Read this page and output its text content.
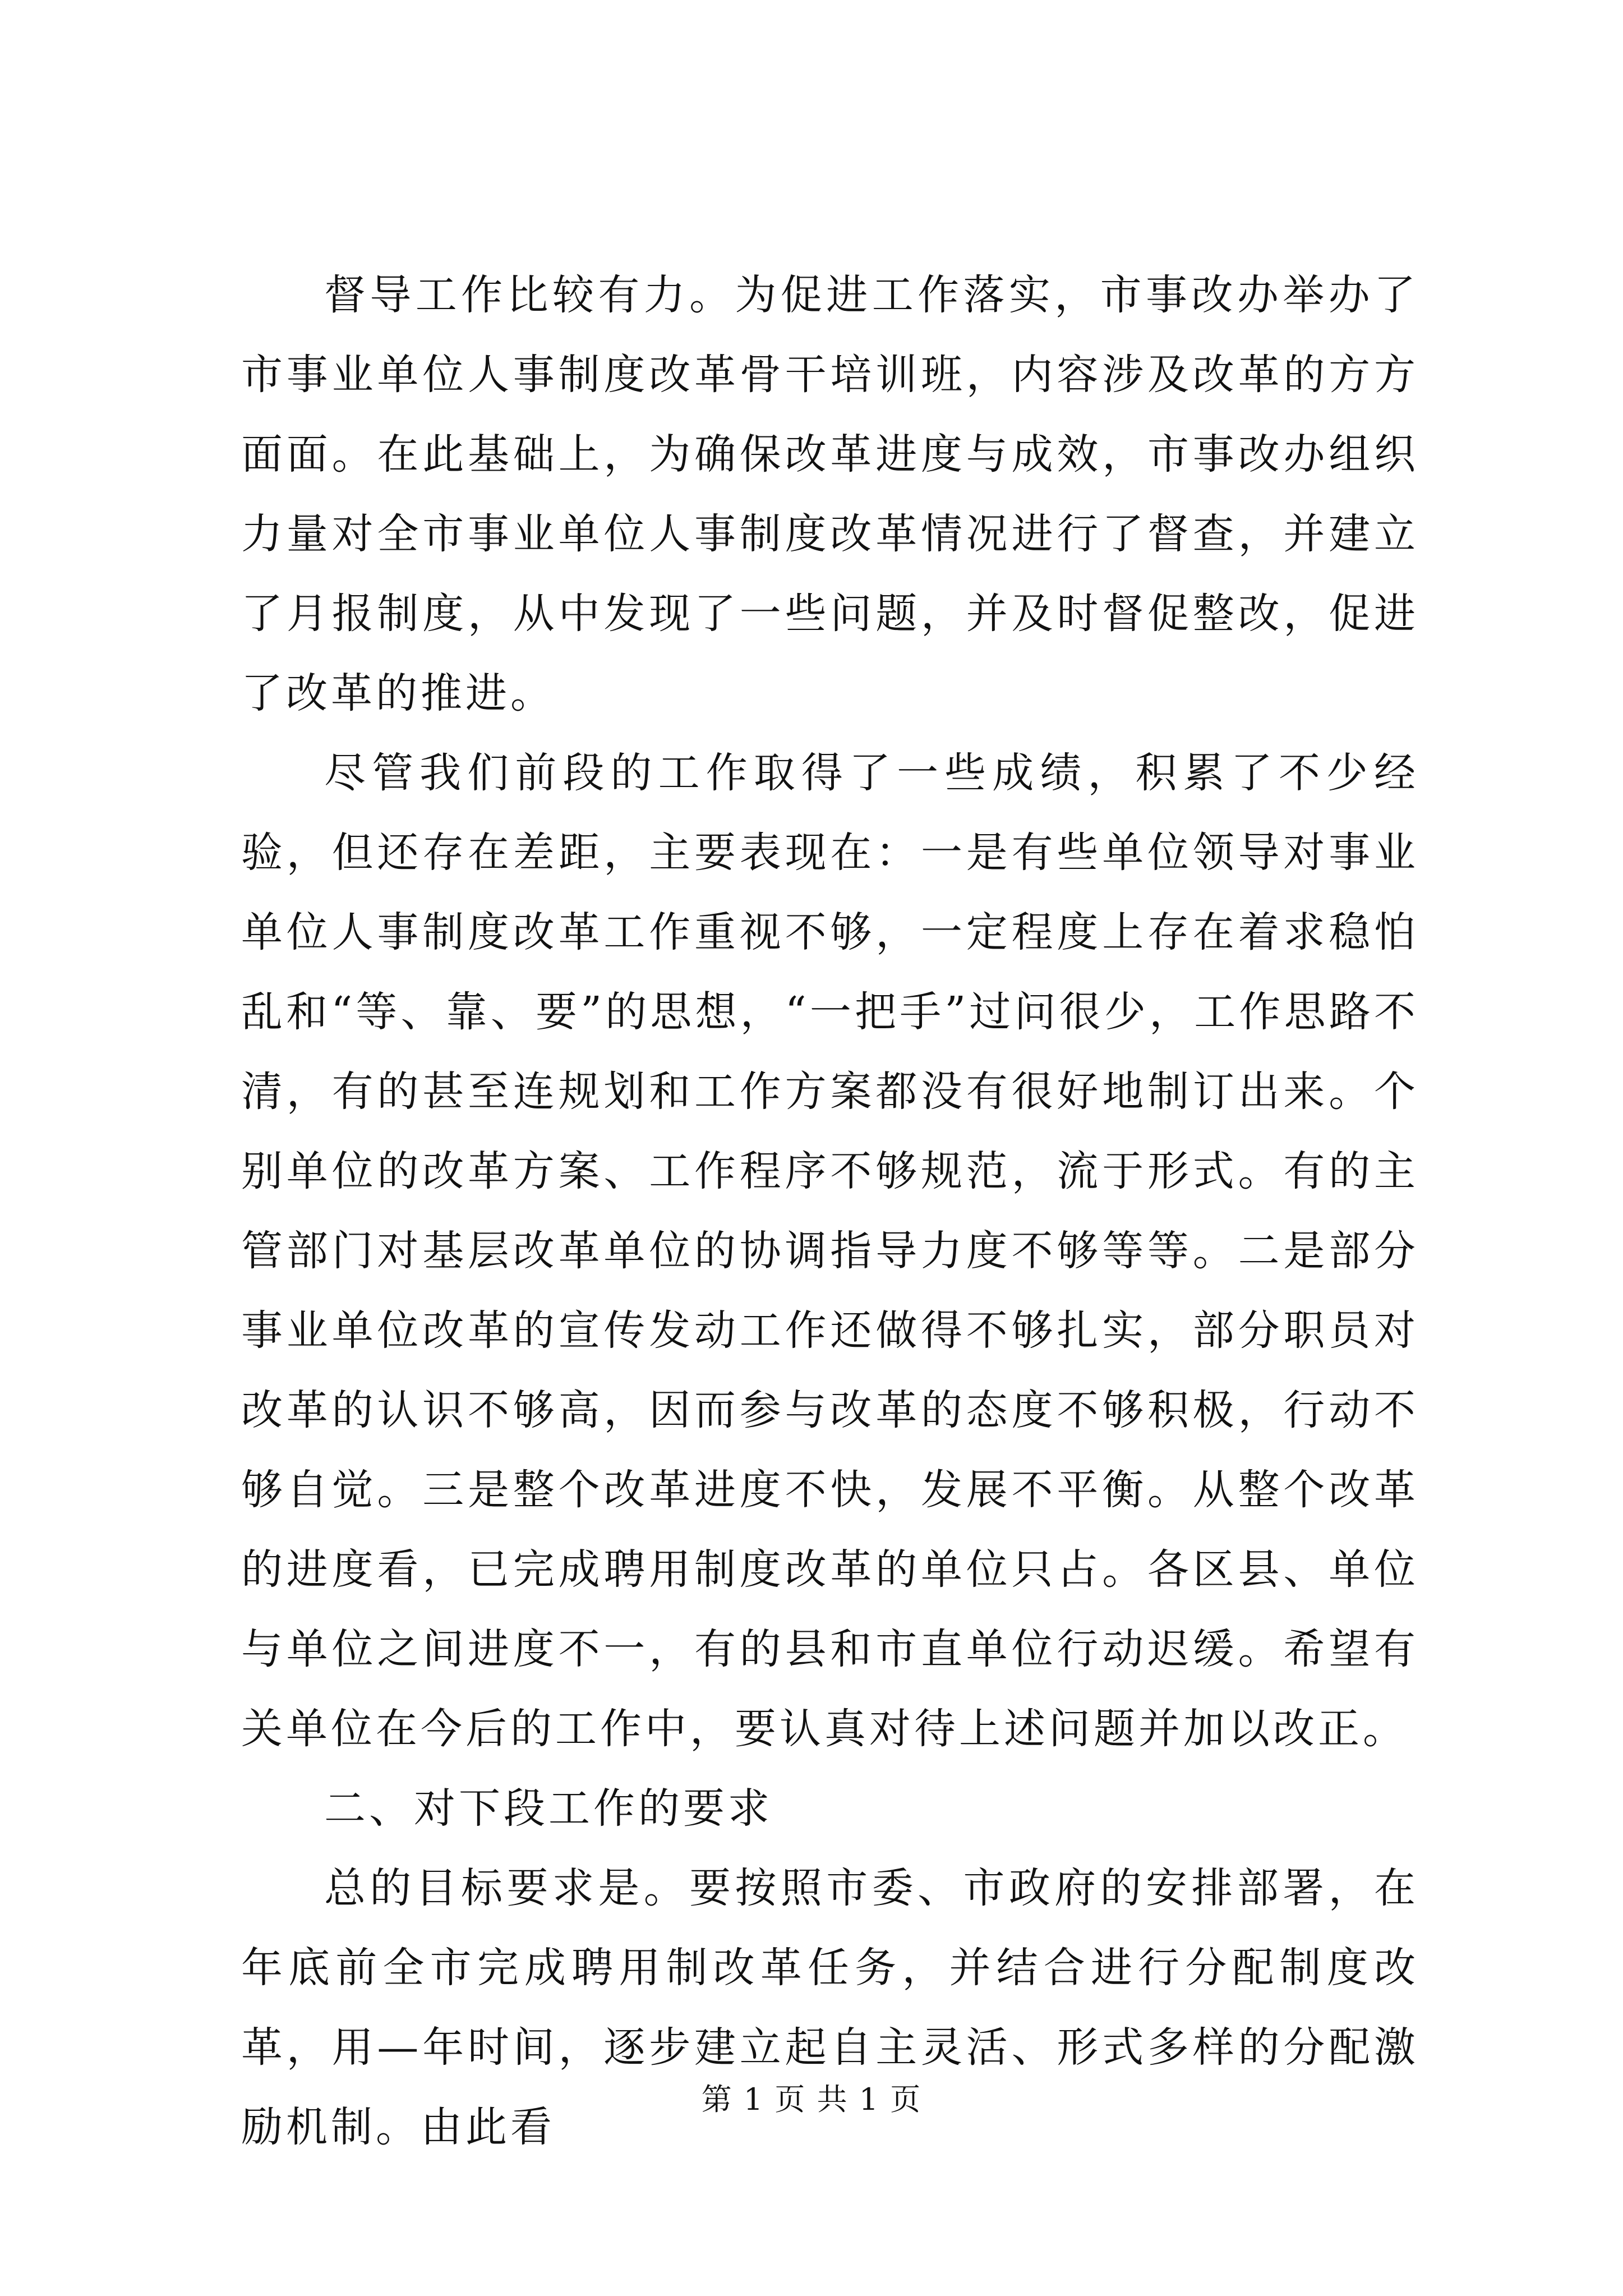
督导工作比较有力。为促进工作落实，市事改办举办了市事业单位人事制度改革骨干培训班，内容涉及改革的方方面面。在此基础上，为确保改革进度与成效，市事改办组织力量对全市事业单位人事制度改革情况进行了督查，并建立了月报制度，从中发现了一些问题，并及时督促整改，促进了改革的推进。

尽管我们前段的工作取得了一些成绩，积累了不少经验，但还存在差距，主要表现在：一是有些单位领导对事业单位人事制度改革工作重视不够，一定程度上存在着求稳怕乱和“等、靠、要”的思想，“一把手”过问很少，工作思路不清，有的甚至连规划和工作方案都没有很好地制订出来。个别单位的改革方案、工作程序不够规范，流于形式。有的主管部门对基层改革单位的协调指导力度不够等等。二是部分事业单位改革的宣传发动工作还做得不够扎实，部分职员对改革的认识不够高，因而参与改革的态度不够积极，行动不够自觉。三是整个改革进度不快，发展不平衡。从整个改革的进度看，已完成聘用制度改革的单位只占。各区县、单位与单位之间进度不一，有的县和市直单位行动迟缓。希望有关单位在今后的工作中，要认真对待上述问题并加以改正。

二、对下段工作的要求

总的目标要求是。要按照市委、市政府的安排部署，在年底前全市完成聘用制改革任务，并结合进行分配制度改革，用—年时间，逐步建立起自主灵活、形式多样的分配激励机制。由此看

第 1 页 共 1 页
